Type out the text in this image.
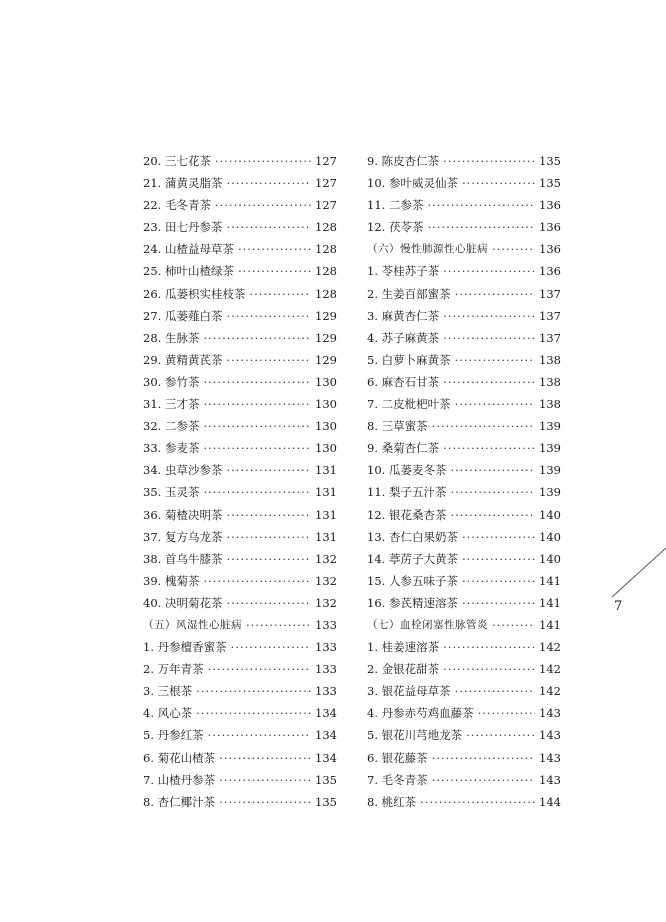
20. 三七花茶 ·····	127
21. 蒲黄灵脂茶 ·····	127
22. 毛冬青茶 ·····	127
23. 田七丹参茶 ·····	128
24. 山楂益母草茶 ·····	128
25. 柿叶山楂绿茶 ·····	128
26. 瓜蒌枳实桂枝茶 ·····	128
27. 瓜蒌薤白茶 ·····	129
28. 生脉茶 ·····	129
29. 黄精黄芪茶 ·····	129
30. 参竹茶 ·····	130
31. 三才茶 ·····	130
32. 二参茶 ·····	130
33. 参麦茶 ·····	130
34. 虫草沙参茶 ·····	131
35. 玉灵茶 ·····	131
36. 菊楂决明茶 ·····	131
37. 复方乌龙茶 ·····	131
38. 首乌牛膝茶 ·····	132
39. 槐菊茶 ·····	132
40. 决明菊花茶 ·····	132
（五）风湿性心脏病 ·····	133
1. 丹参檀香蜜茶 ·····	133
2. 万年青茶 ·····	133
3. 三根茶 ·····	133
4. 风心茶 ·····	134
5. 丹参红茶 ·····	134
6. 菊花山楂茶 ·····	134
7. 山楂丹参茶 ·····	135
8. 杏仁椰汁茶 ·····	135
9. 陈皮杏仁茶 ·····	135
10. 参叶威灵仙茶 ·····	135
11. 二参茶 ·····	136
12. 茯苓茶 ·····	136
（六）慢性肺源性心脏病 ·····	136
1. 苓桂苏子茶 ·····	136
2. 生姜百部蜜茶 ·····	137
3. 麻黄杏仁茶 ·····	137
4. 苏子麻黄茶 ·····	137
5. 白萝卜麻黄茶 ·····	138
6. 麻杏石甘茶 ·····	138
7. 二皮枇杷叶茶 ·····	138
8. 三草蜜茶 ·····	139
9. 桑菊杏仁茶 ·····	139
10. 瓜蒌麦冬茶 ·····	139
11. 梨子五汁茶 ·····	139
12. 银花桑杏茶 ·····	140
13. 杏仁白果奶茶 ·····	140
14. 葶苈子大黄茶 ·····	140
15. 人参五味子茶 ·····	141
16. 参芪精速溶茶 ·····	141
（七）血栓闭塞性脉管炎 ·····	141
1. 桂姜速溶茶 ·····	142
2. 金银花甜茶 ·····	142
3. 银花益母草茶 ·····	142
4. 丹参赤芍鸡血藤茶 ·····	143
5. 银花川芎地龙茶 ·····	143
6. 银花藤茶 ·····	143
7. 毛冬青茶 ·····	143
8. 桃红茶 ·····	144
7
